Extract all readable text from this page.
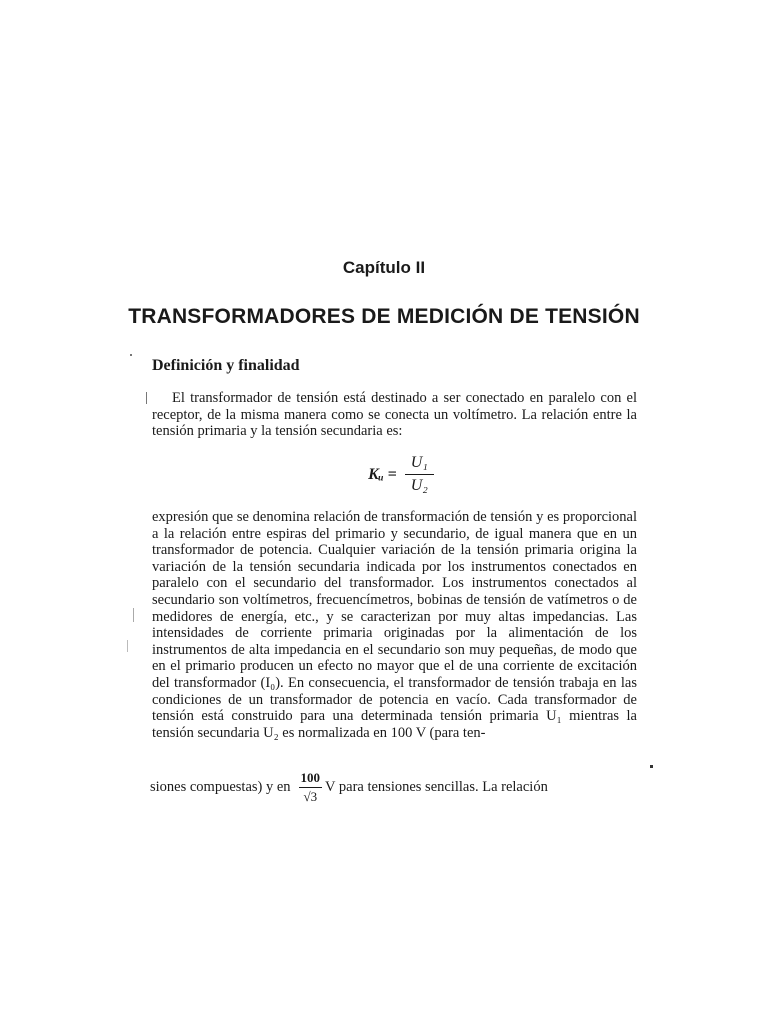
Capítulo II
TRANSFORMADORES DE MEDICIÓN DE TENSIÓN
Definición y finalidad

El transformador de tensión está destinado a ser conectado en paralelo con el receptor, de la misma manera como se conecta un voltímetro. La relación entre la tensión primaria y la tensión secundaria es:

Kᵤ = $\frac{\text{U₁}}{\text{U₂}}$

expresión que se denomina relación de transformación de tensión y es proporcional a la relación entre espiras del primario y secundario, de igual manera que en un transformador de potencia. Cualquier variación de la tensión primaria origina la variación de la tensión secundaria indicada por los instrumentos conectados en paralelo con el secundario del transformador. Los instrumentos conectados al secundario son voltímetros, frecuencímetros, bobinas de tensión de vatímetros o de medidores de energía, etc., y se caracterizan por muy altas impedancias. Las intensidades de corriente primaria originadas por la alimentación de los instrumentos de alta impedancia en el secundario son muy pequeñas, de modo que en el primario producen un efecto no mayor que el de una corriente de excitación del transformador (I₀). En consecuencia, el transformador de tensión trabaja en las condiciones de un transformador de potencia en vacío. Cada transformador de tensión está construido para una determinada tensión primaria U₁ mientras la tensión secundaria U₂ es normalizada en 100 V (para ten-

siones compuestas) y en $\frac{100}{√3}$ V para tensiones sencillas. La relación
